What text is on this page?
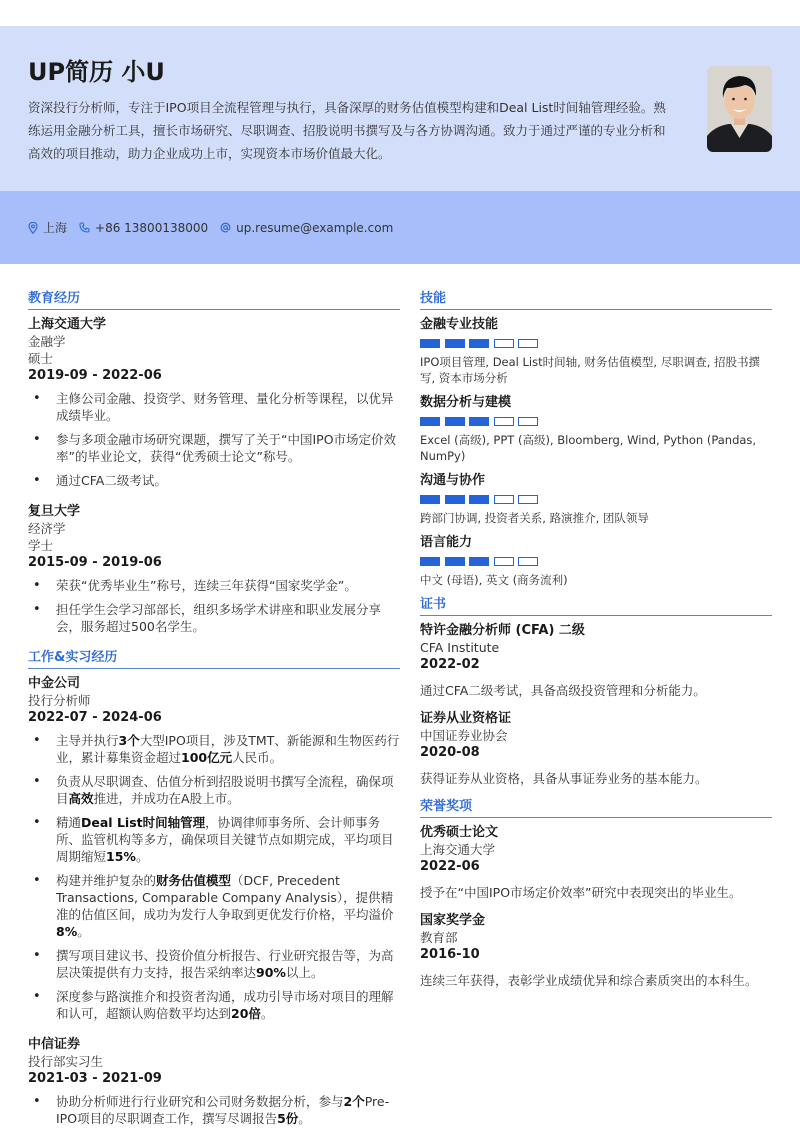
UP简历 小U
资深投行分析师，专注于IPO项目全流程管理与执行，具备深厚的财务估值模型构建和Deal List时间轴管理经验。熟练运用金融分析工具，擅长市场研究、尽职调查、招股说明书撰写及与各方协调沟通。致力于通过严谨的专业分析和高效的项目推动，助力企业成功上市，实现资本市场价值最大化。
上海 +86 13800138000 up.resume@example.com
教育经历
上海交通大学
金融学
硕士
2019-09 - 2022-06
• 主修公司金融、投资学、财务管理、量化分析等课程，以优异成绩毕业。
• 参与多项金融市场研究课题，撰写了关于“中国IPO市场定价效率”的毕业论文，获得“优秀硕士论文”称号。
• 通过CFA二级考试。
复旦大学
经济学
学士
2015-09 - 2019-06
• 荣获“优秀毕业生”称号，连续三年获得“国家奖学金”。
• 担任学生会学习部部长，组织多场学术讲座和职业发展分享会，服务超过500名学生。
工作&实习经历
中金公司
投行分析师
2022-07 - 2024-06
• 主导并执行3个大型IPO项目，涉及TMT、新能源和生物医药行业，累计募集资金超过100亿元人民币。
• 负责从尽职调查、估值分析到招股说明书撰写全流程，确保项目高效推进，并成功在A股上市。
• 精通Deal List时间轴管理，协调律师事务所、会计师事务所、监管机构等多方，确保项目关键节点如期完成，平均项目周期缩短15%。
• 构建并维护复杂的财务估值模型（DCF, Precedent Transactions, Comparable Company Analysis），提供精准的估值区间，成功为发行人争取到更优发行价格，平均溢价8%。
• 撰写项目建议书、投资价值分析报告、行业研究报告等，为高层决策提供有力支持，报告采纳率达90%以上。
• 深度参与路演推介和投资者沟通，成功引导市场对项目的理解和认可，超额认购倍数平均达到20倍。
中信证券
投行部实习生
2021-03 - 2021-09
• 协助分析师进行行业研究和公司财务数据分析，参与2个Pre-IPO项目的尽职调查工作，撰写尽调报告5份。
技能
金融专业技能
IPO项目管理, Deal List时间轴, 财务估值模型, 尽职调查, 招股书撰写, 资本市场分析
数据分析与建模
Excel (高级), PPT (高级), Bloomberg, Wind, Python (Pandas, NumPy)
沟通与协作
跨部门协调, 投资者关系, 路演推介, 团队领导
语言能力
中文 (母语), 英文 (商务流利)
证书
特许金融分析师 (CFA) 二级
CFA Institute
2022-02
通过CFA二级考试，具备高级投资管理和分析能力。
证券从业资格证
中国证券业协会
2020-08
获得证券从业资格，具备从事证券业务的基本能力。
荣誉奖项
优秀硕士论文
上海交通大学
2022-06
授予在“中国IPO市场定价效率”研究中表现突出的毕业生。
国家奖学金
教育部
2016-10
连续三年获得，表彰学业成绩优异和综合素质突出的本科生。
